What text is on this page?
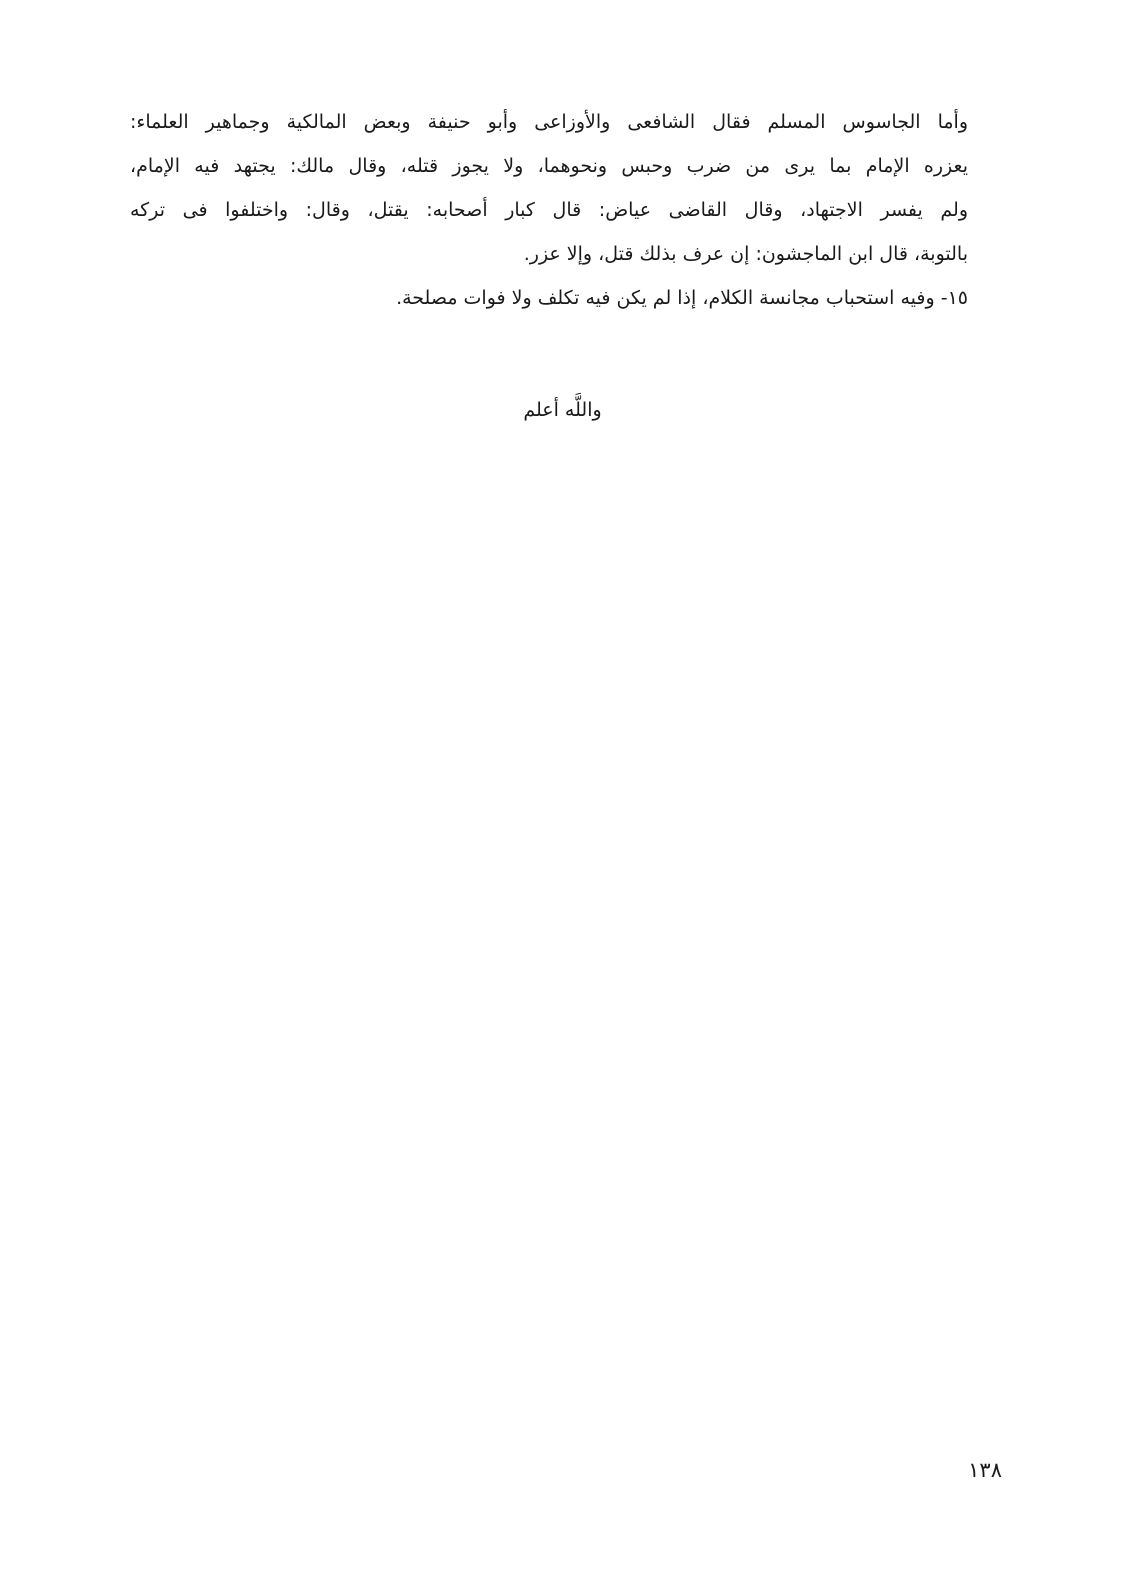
وأما الجاسوس المسلم فقال الشافعى والأوزاعى وأبو حنيفة وبعض المالكية وجماهير العلماء:
يعزره الإمام بما يرى من ضرب وحبس ونحوهما، ولا يجوز قتله، وقال مالك: يجتهد فيه الإمام،
ولم يفسر الاجتهاد، وقال القاضى عياض: قال كبار أصحابه: يقتل، وقال: واختلفوا فى تركه
بالتوبة، قال ابن الماجشون: إن عرف بذلك قتل، وإلا عزر.

١٥- وفيه استحباب مجانسة الكلام، إذا لم يكن فيه تكلف ولا فوات مصلحة.

واللَّه أعلم

١٣٨
